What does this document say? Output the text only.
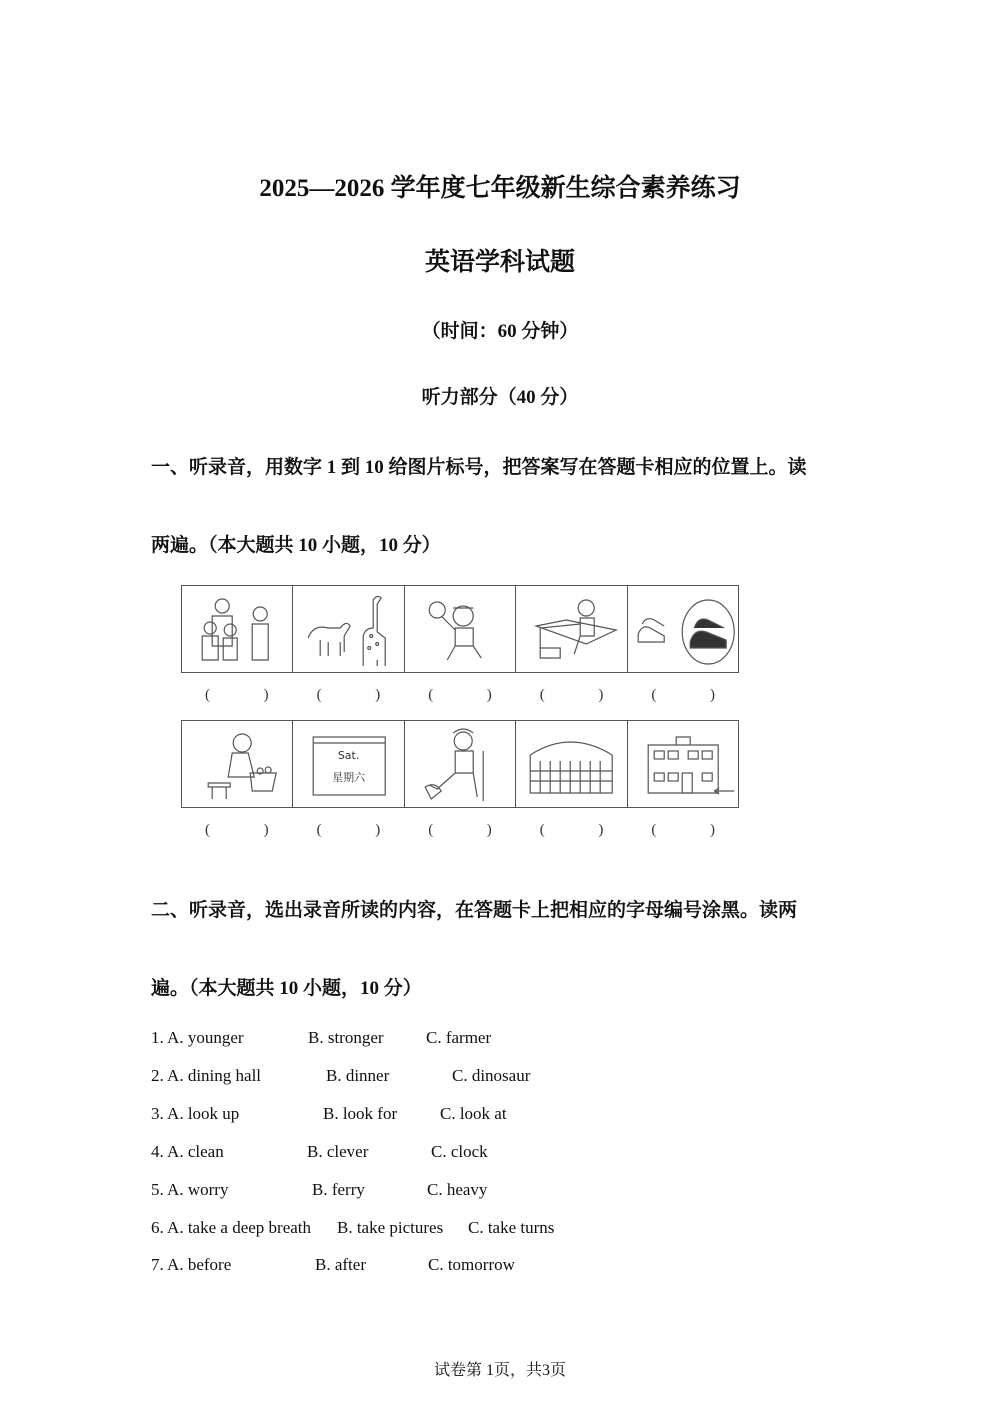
2025—2026 学年度七年级新生综合素养练习
英语学科试题
（时间：60 分钟）
听力部分（40 分）
一、听录音，用数字 1 到 10 给图片标号，把答案写在答题卡相应的位置上。读
两遍。（本大题共 10 小题，10 分）
(	)	(	)	(	)	(	)	(	)
Sat.
星期六
(	)	(	)	(	)	(	)	(	)
二、听录音，选出录音所读的内容，在答题卡上把相应的字母编号涂黑。读两
遍。（本大题共 10 小题，10 分）
1. A. younger	B. stronger C. farmer
2. A. dining hall	B. dinner	C. dinosaur
3. A. look up	B. look for	C. look at
4. A. clean	B. clever	C. clock
5. A. worry	B. ferry	C. heavy
6. A. take a deep breath B. take pictures C. take turns
7. A. before	B. after	C. tomorrow
试卷第 1页，共3页
